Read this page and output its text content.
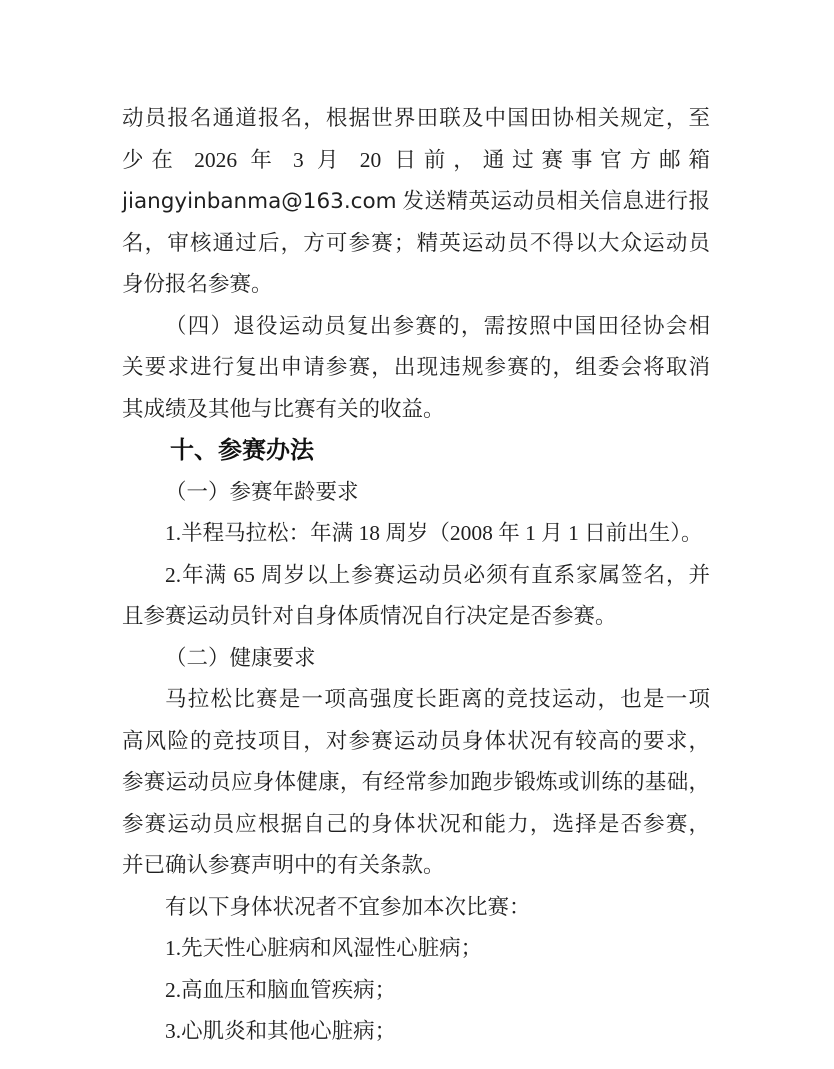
动员报名通道报名，根据世界田联及中国田协相关规定，至
少在 2026 年 3 月 20 日前，通过赛事官方邮箱
jiangyinbanma@163.com 发送精英运动员相关信息进行报
名，审核通过后，方可参赛；精英运动员不得以大众运动员
身份报名参赛。
（四）退役运动员复出参赛的，需按照中国田径协会相
关要求进行复出申请参赛，出现违规参赛的，组委会将取消
其成绩及其他与比赛有关的收益。
十、参赛办法
（一）参赛年龄要求
1.半程马拉松：年满 18 周岁（2008 年 1 月 1 日前出生）。
2.年满 65 周岁以上参赛运动员必须有直系家属签名，并
且参赛运动员针对自身体质情况自行决定是否参赛。
（二）健康要求
马拉松比赛是一项高强度长距离的竞技运动，也是一项
高风险的竞技项目，对参赛运动员身体状况有较高的要求，
参赛运动员应身体健康，有经常参加跑步锻炼或训练的基础，
参赛运动员应根据自己的身体状况和能力，选择是否参赛，
并已确认参赛声明中的有关条款。
有以下身体状况者不宜参加本次比赛：
1.先天性心脏病和风湿性心脏病；
2.高血压和脑血管疾病；
3.心肌炎和其他心脏病；
